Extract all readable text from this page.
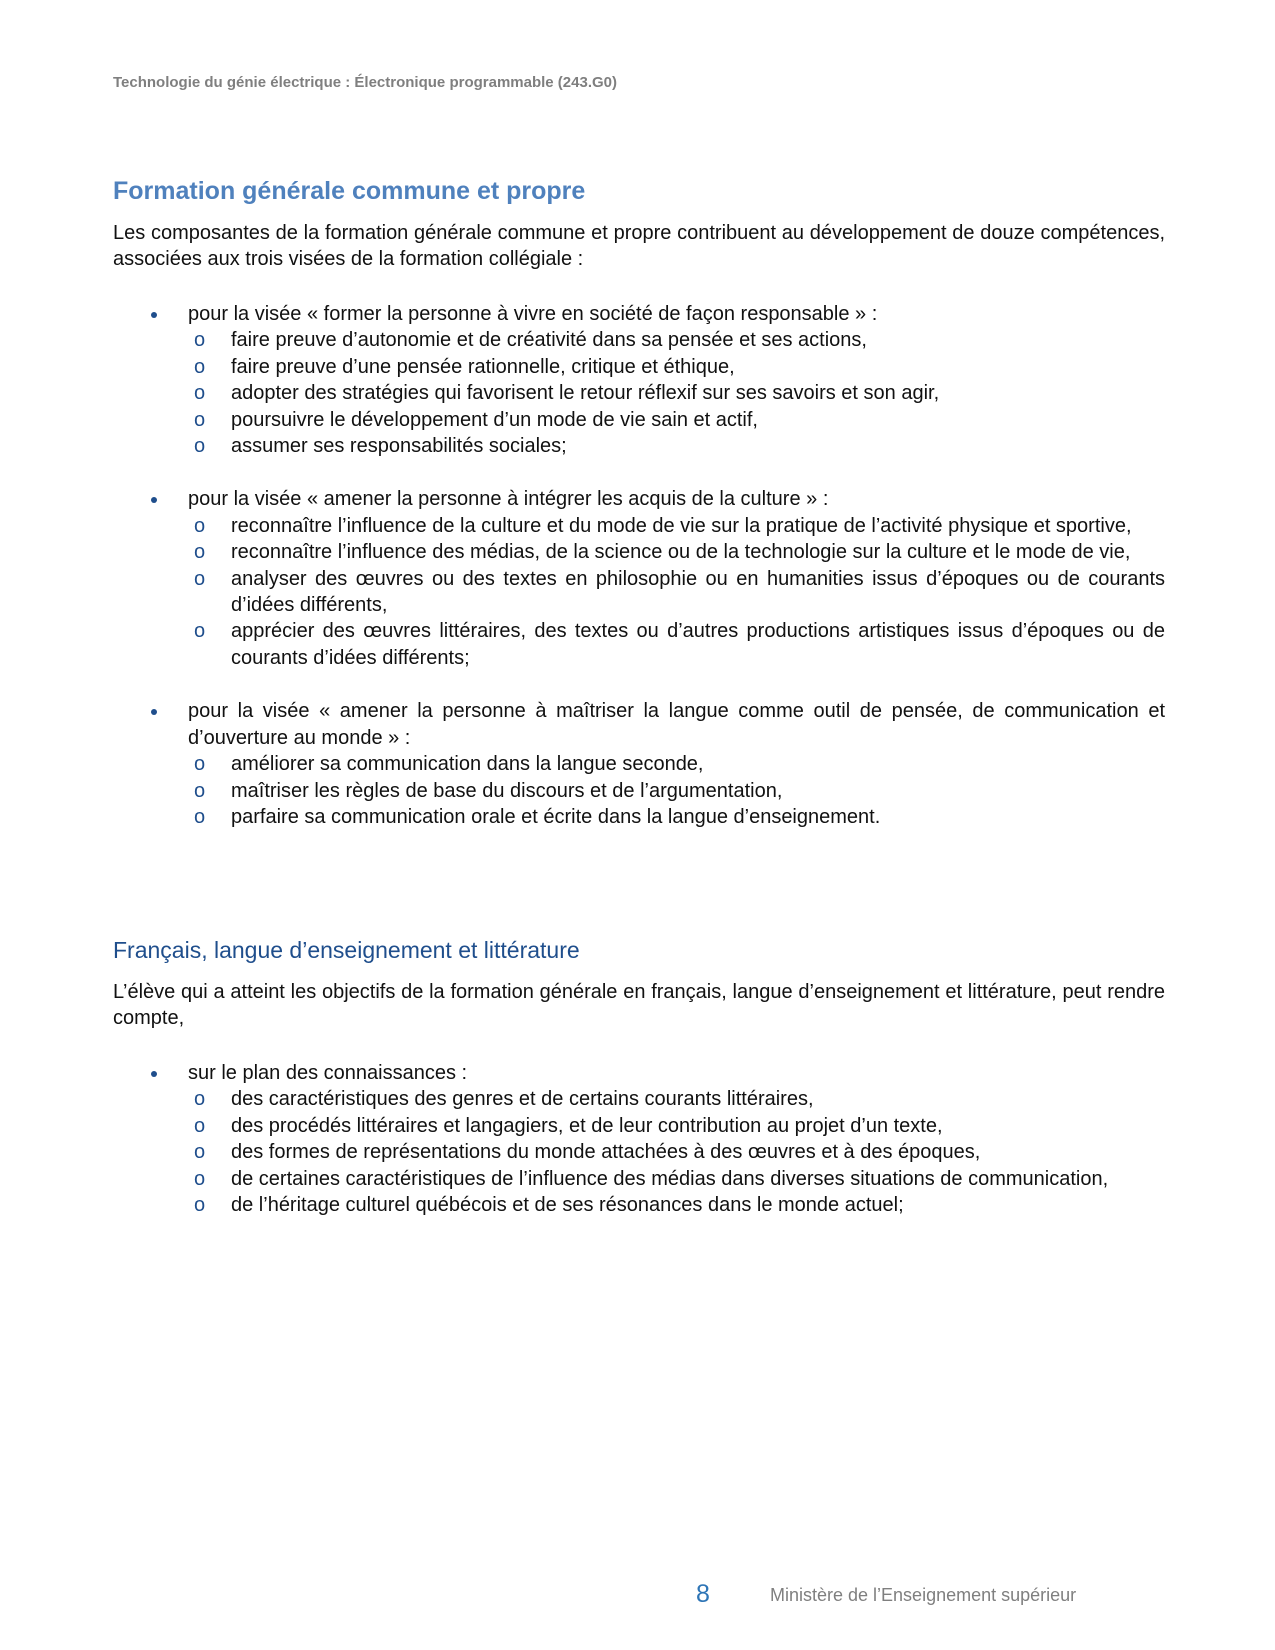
Technologie du génie électrique : Électronique programmable (243.G0)
Formation générale commune et propre

Les composantes de la formation générale commune et propre contribuent au développement de douze compétences, associées aux trois visées de la formation collégiale :

pour la visée « former la personne à vivre en société de façon responsable » :
o faire preuve d’autonomie et de créativité dans sa pensée et ses actions,
o faire preuve d’une pensée rationnelle, critique et éthique,
o adopter des stratégies qui favorisent le retour réflexif sur ses savoirs et son agir,
o poursuivre le développement d’un mode de vie sain et actif,
o assumer ses responsabilités sociales;
pour la visée « amener la personne à intégrer les acquis de la culture » :
o reconnaître l’influence de la culture et du mode de vie sur la pratique de l’activité physique et sportive,
o reconnaître l’influence des médias, de la science ou de la technologie sur la culture et le mode de vie,
o analyser des œuvres ou des textes en philosophie ou en humanities issus d’époques ou de courants d’idées différents,
o apprécier des œuvres littéraires, des textes ou d’autres productions artistiques issus d’époques ou de courants d’idées différents;
pour la visée « amener la personne à maîtriser la langue comme outil de pensée, de communication et d’ouverture au monde » :
o améliorer sa communication dans la langue seconde,
o maîtriser les règles de base du discours et de l’argumentation,
o parfaire sa communication orale et écrite dans la langue d’enseignement.
Français, langue d’enseignement et littérature

L’élève qui a atteint les objectifs de la formation générale en français, langue d’enseignement et littérature, peut rendre compte,

sur le plan des connaissances :
o des caractéristiques des genres et de certains courants littéraires,
o des procédés littéraires et langagiers, et de leur contribution au projet d’un texte,
o des formes de représentations du monde attachées à des œuvres et à des époques,
o de certaines caractéristiques de l’influence des médias dans diverses situations de communication,
o de l’héritage culturel québécois et de ses résonances dans le monde actuel;
8	Ministère de l’Enseignement supérieur
